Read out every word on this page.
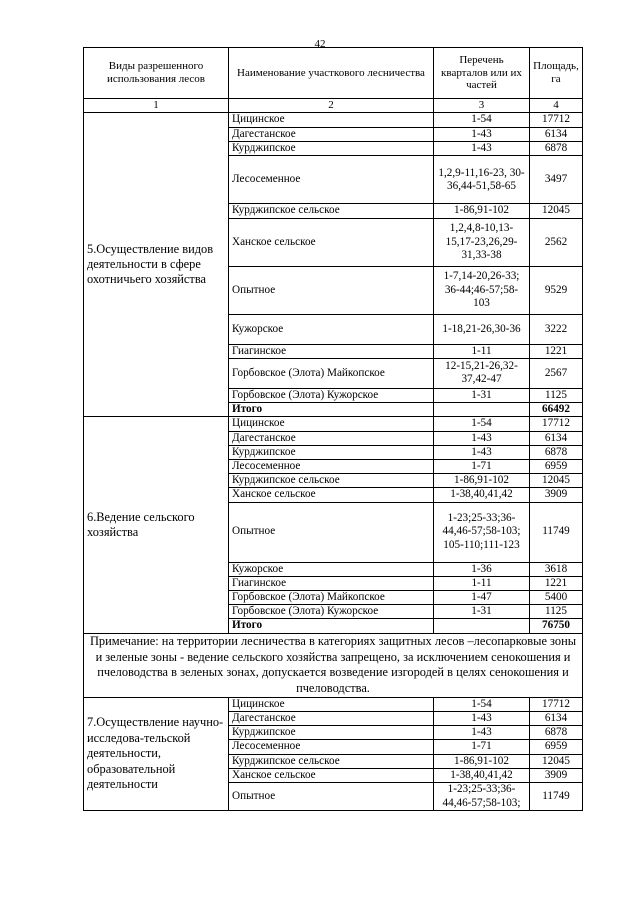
42
Виды разрешенного использования лесов	Наименование участкового лесничества	Перечень кварталов или их частей	Площадь, га
1	2	3	4
5.Осуществление видов деятельности в сфере охотничьего хозяйства	Цицинское	1-54	17712
	Дагестанское	1-43	6134
	Курджипское	1-43	6878
	Лесосеменное	1,2,9-11,16-23, 30-36,44-51,58-65	3497
	Курджипское сельское	1-86,91-102	12045
	Ханское сельское	1,2,4,8-10,13-15,17-23,26,29-31,33-38	2562
	Опытное	1-7,14-20,26-33; 36-44;46-57;58-103	9529
	Кужорское	1-18,21-26,30-36	3222
	Гиагинское	1-11	1221
	Горбовское (Элота) Майкопское	12-15,21-26,32-37,42-47	2567
	Горбовское (Элота) Кужорское	1-31	1125
	Итого		66492
6.Ведение сельского хозяйства	Цицинское	1-54	17712
	Дагестанское	1-43	6134
	Курджипское	1-43	6878
	Лесосеменное	1-71	6959
	Курджипское сельское	1-86,91-102	12045
	Ханское сельское	1-38,40,41,42	3909
	Опытное	1-23;25-33;36-44,46-57;58-103; 105-110;111-123	11749
	Кужорское	1-36	3618
	Гиагинское	1-11	1221
	Горбовское (Элота) Майкопское	1-47	5400
	Горбовское (Элота) Кужорское	1-31	1125
	Итого		76750
Примечание: на территории лесничества в категориях защитных лесов –лесопарковые зоны и зеленые зоны - ведение сельского хозяйства запрещено, за исключением сенокошения и пчеловодства в зеленых зонах, допускается возведение изгородей в целях сенокошения и пчеловодства.			
7.Осуществление научно-исследова-тельской деятельности, образовательной деятельности	Цицинское	1-54	17712
	Дагестанское	1-43	6134
	Курджипское	1-43	6878
	Лесосеменное	1-71	6959
	Курджипское сельское	1-86,91-102	12045
	Ханское сельское	1-38,40,41,42	3909
	Опытное	1-23;25-33;36-44,46-57;58-103;	11749
